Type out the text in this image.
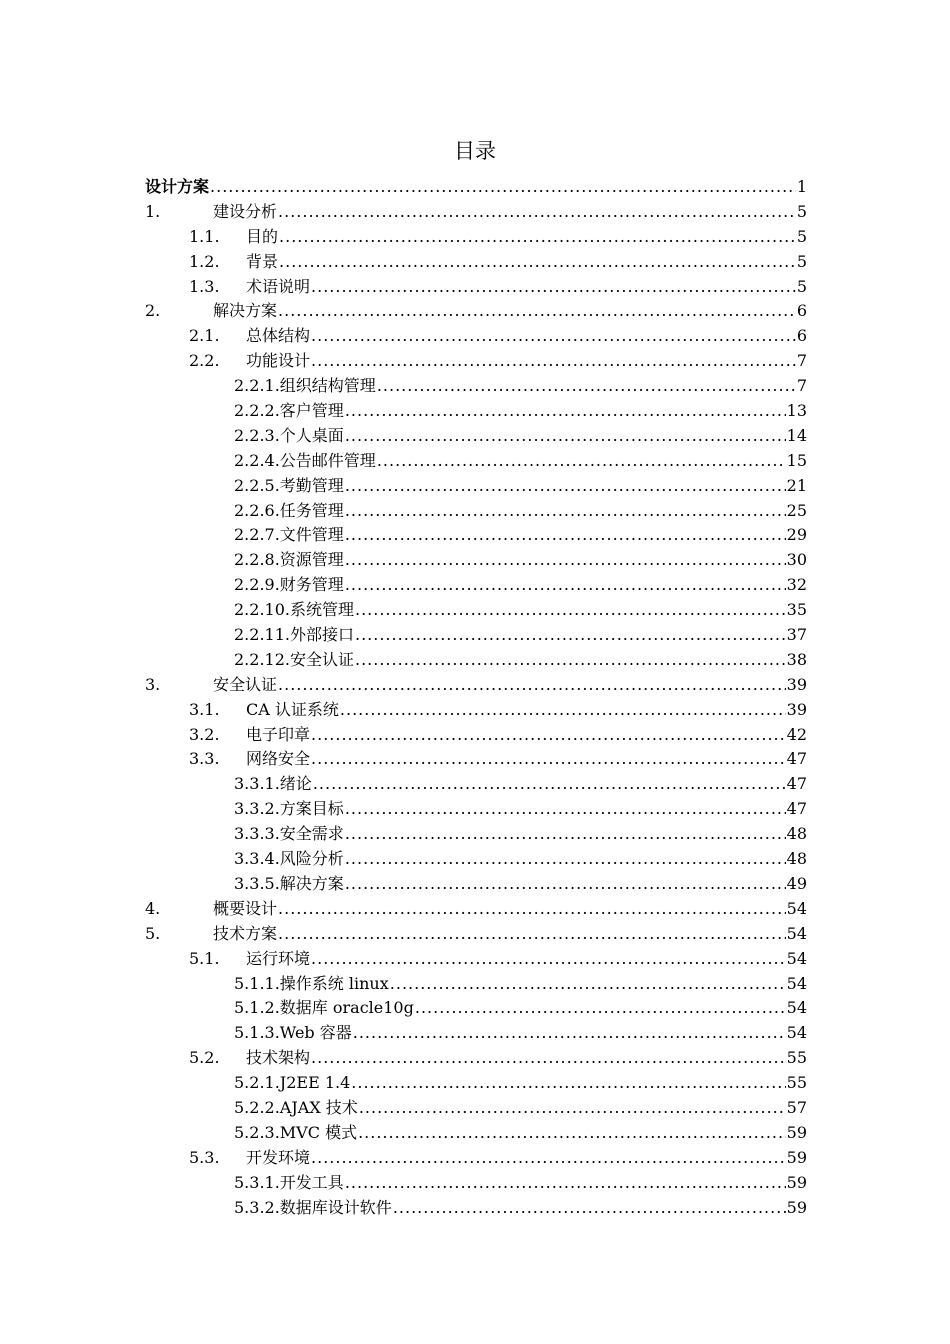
目录
设计方案 .....	1
1.	建设分析 .....	5
1.1.	目的 .....	5
1.2.	背景 .....	5
1.3.	术语说明 .....	5
2.	解决方案 .....	6
2.1.	总体结构 .....	6
2.2.	功能设计 .....	7
2.2.1. 组织结构管理 .....	7
2.2.2. 客户管理 .....	13
2.2.3. 个人桌面 .....	14
2.2.4. 公告邮件管理 .....	15
2.2.5. 考勤管理 .....	21
2.2.6. 任务管理 .....	25
2.2.7. 文件管理 .....	29
2.2.8. 资源管理 .....	30
2.2.9. 财务管理 .....	32
2.2.10. 系统管理 .....	35
2.2.11. 外部接口 .....	37
2.2.12. 安全认证 .....	38
3.	安全认证 .....	39
3.1.	CA 认证系统 .....	39
3.2.	电子印章 .....	42
3.3.	网络安全 .....	47
3.3.1. 绪论 .....	47
3.3.2. 方案目标 .....	47
3.3.3. 安全需求 .....	48
3.3.4. 风险分析 .....	48
3.3.5. 解决方案 .....	49
4.	概要设计 .....	54
5.	技术方案 .....	54
5.1.	运行环境 .....	54
5.1.1. 操作系统 linux .....	54
5.1.2. 数据库 oracle10g .....	54
5.1.3. Web 容器 .....	54
5.2.	技术架构 .....	55
5.2.1. J2EE 1.4 .....	55
5.2.2. AJAX 技术 .....	57
5.2.3. MVC 模式 .....	59
5.3.	开发环境 .....	59
5.3.1. 开发工具 .....	59
5.3.2. 数据库设计软件 .....	59
